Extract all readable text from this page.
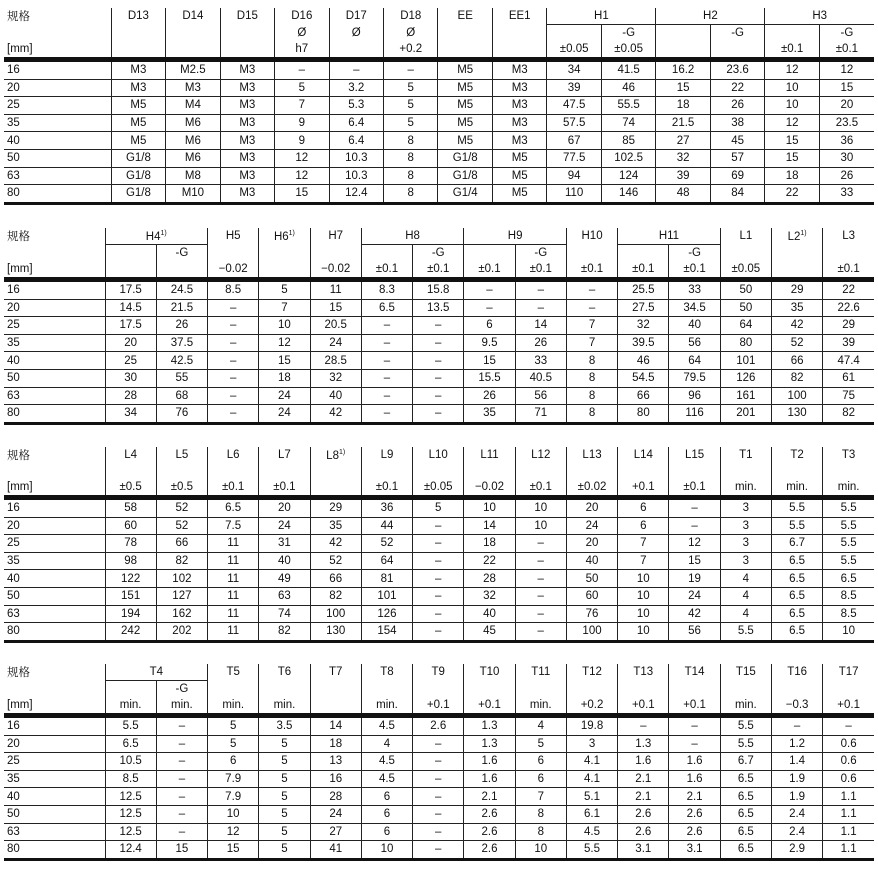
规格	D13	D14	D15	D16	D17	D18	EE	EE1	H1		H2		H3	
				Ø	Ø	Ø				-G		-G		-G
[mm]				h7		+0.2			±0.05	±0.05			±0.1	±0.1
16	M3	M2.5	M3	–	–	–	M5	M3	34	41.5	16.2	23.6	12	12
20	M3	M3	M3	5	3.2	5	M5	M3	39	46	15	22	10	15
25	M5	M4	M3	7	5.3	5	M5	M3	47.5	55.5	18	26	10	20
35	M5	M6	M3	9	6.4	5	M5	M3	57.5	74	21.5	38	12	23.5
40	M5	M6	M3	9	6.4	8	M5	M3	67	85	27	45	15	36
50	G1/8	M6	M3	12	10.3	8	G1/8	M5	77.5	102.5	32	57	15	30
63	G1/8	M8	M3	12	10.3	8	G1/8	M5	94	124	39	69	18	26
80	G1/8	M10	M3	15	12.4	8	G1/4	M5	110	146	48	84	22	33
规格	H4$^{1)}$		H5	H6$^{1)}$	H7	H8		H9		H10	H11		L1	L2$^{1)}$	L3
		-G					-G		-G			-G			
[mm]			−0.02		−0.02	±0.1	±0.1	±0.1	±0.1	±0.1	±0.1	±0.1	±0.05		±0.1
16	17.5	24.5	8.5	5	11	8.3	15.8	–	–	–	25.5	33	50	29	22
20	14.5	21.5	–	7	15	6.5	13.5	–	–	–	27.5	34.5	50	35	22.6
25	17.5	26	–	10	20.5	–	–	6	14	7	32	40	64	42	29
35	20	37.5	–	12	24	–	–	9.5	26	7	39.5	56	80	52	39
40	25	42.5	–	15	28.5	–	–	15	33	8	46	64	101	66	47.4
50	30	55	–	18	32	–	–	15.5	40.5	8	54.5	79.5	126	82	61
63	28	68	–	24	40	–	–	26	56	8	66	96	161	100	75
80	34	76	–	24	42	–	–	35	71	8	80	116	201	130	82
规格	L4	L5	L6	L7	L8$^{1)}$	L9	L10	L11	L12	L13	L14	L15	T1	T2	T3

[mm]	±0.5	±0.5	±0.1	±0.1		±0.1	±0.05	−0.02	±0.1	±0.02	+0.1	±0.1	min.	min.	min.
16	58	52	6.5	20	29	36	5	10	10	20	6	–	3	5.5	5.5
20	60	52	7.5	24	35	44	–	14	10	24	6	–	3	5.5	5.5
25	78	66	11	31	42	52	–	18	–	20	7	12	3	6.7	5.5
35	98	82	11	40	52	64	–	22	–	40	7	15	3	6.5	5.5
40	122	102	11	49	66	81	–	28	–	50	10	19	4	6.5	6.5
50	151	127	11	63	82	101	–	32	–	60	10	24	4	6.5	8.5
63	194	162	11	74	100	126	–	40	–	76	10	42	4	6.5	8.5
80	242	202	11	82	130	154	–	45	–	100	10	56	5.5	6.5	10
规格	T4		T5	T6	T7	T8	T9	T10	T11	T12	T13	T14	T15	T16	T17
		-G													
[mm]	min.	min.	min.	min.		min.	+0.1	+0.1	min.	+0.2	+0.1	+0.1	min.	−0.3	+0.1
16	5.5	–	5	3.5	14	4.5	2.6	1.3	4	19.8	–	–	5.5	–	–
20	6.5	–	5	5	18	4	–	1.3	5	3	1.3	–	5.5	1.2	0.6
25	10.5	–	6	5	13	4.5	–	1.6	6	4.1	1.6	1.6	6.7	1.4	0.6
35	8.5	–	7.9	5	16	4.5	–	1.6	6	4.1	2.1	1.6	6.5	1.9	0.6
40	12.5	–	7.9	5	28	6	–	2.1	7	5.1	2.1	2.1	6.5	1.9	1.1
50	12.5	–	10	5	24	6	–	2.6	8	6.1	2.6	2.6	6.5	2.4	1.1
63	12.5	–	12	5	27	6	–	2.6	8	4.5	2.6	2.6	6.5	2.4	1.1
80	12.4	15	15	5	41	10	–	2.6	10	5.5	3.1	3.1	6.5	2.9	1.1
